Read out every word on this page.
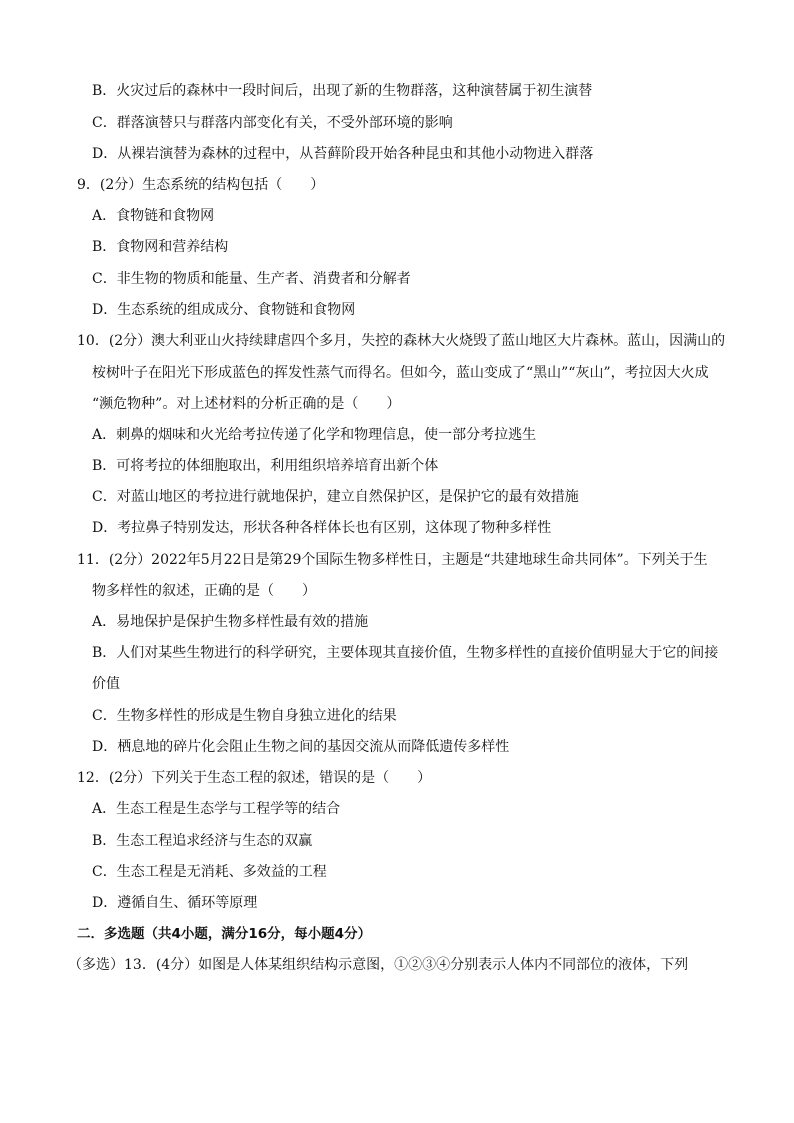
B．火灾过后的森林中一段时间后，出现了新的生物群落，这种演替属于初生演替
C．群落演替只与群落内部变化有关，不受外部环境的影响
D．从裸岩演替为森林的过程中，从苔藓阶段开始各种昆虫和其他小动物进入群落
9．(2分）生态系统的结构包括（　　）
A．食物链和食物网
B．食物网和营养结构
C．非生物的物质和能量、生产者、消费者和分解者
D．生态系统的组成成分、食物链和食物网
10．(2分）澳大利亚山火持续肆虐四个多月，失控的森林大火烧毁了蓝山地区大片森林。蓝山，因满山的
桉树叶子在阳光下形成蓝色的挥发性蒸气而得名。但如今，蓝山变成了“黑山”“灰山”，考拉因大火成
“濒危物种”。对上述材料的分析正确的是（　　）
A．刺鼻的烟味和火光给考拉传递了化学和物理信息，使一部分考拉逃生
B．可将考拉的体细胞取出，利用组织培养培育出新个体
C．对蓝山地区的考拉进行就地保护，建立自然保护区，是保护它的最有效措施
D．考拉鼻子特别发达，形状各种各样体长也有区别，这体现了物种多样性
11．(2分）2022年5月22日是第29个国际生物多样性日，主题是“共建地球生命共同体”。下列关于生
物多样性的叙述，正确的是（　　）
A．易地保护是保护生物多样性最有效的措施
B．人们对某些生物进行的科学研究，主要体现其直接价值，生物多样性的直接价值明显大于它的间接
价值
C．生物多样性的形成是生物自身独立进化的结果
D．栖息地的碎片化会阻止生物之间的基因交流从而降低遗传多样性
12．(2分）下列关于生态工程的叙述，错误的是（　　）
A．生态工程是生态学与工程学等的结合
B．生态工程追求经济与生态的双赢
C．生态工程是无消耗、多效益的工程
D．遵循自生、循环等原理
二．多选题（共4小题，满分16分，每小题4分）
（多选）13．(4分）如图是人体某组织结构示意图，①②③④分别表示人体内不同部位的液体，下列
